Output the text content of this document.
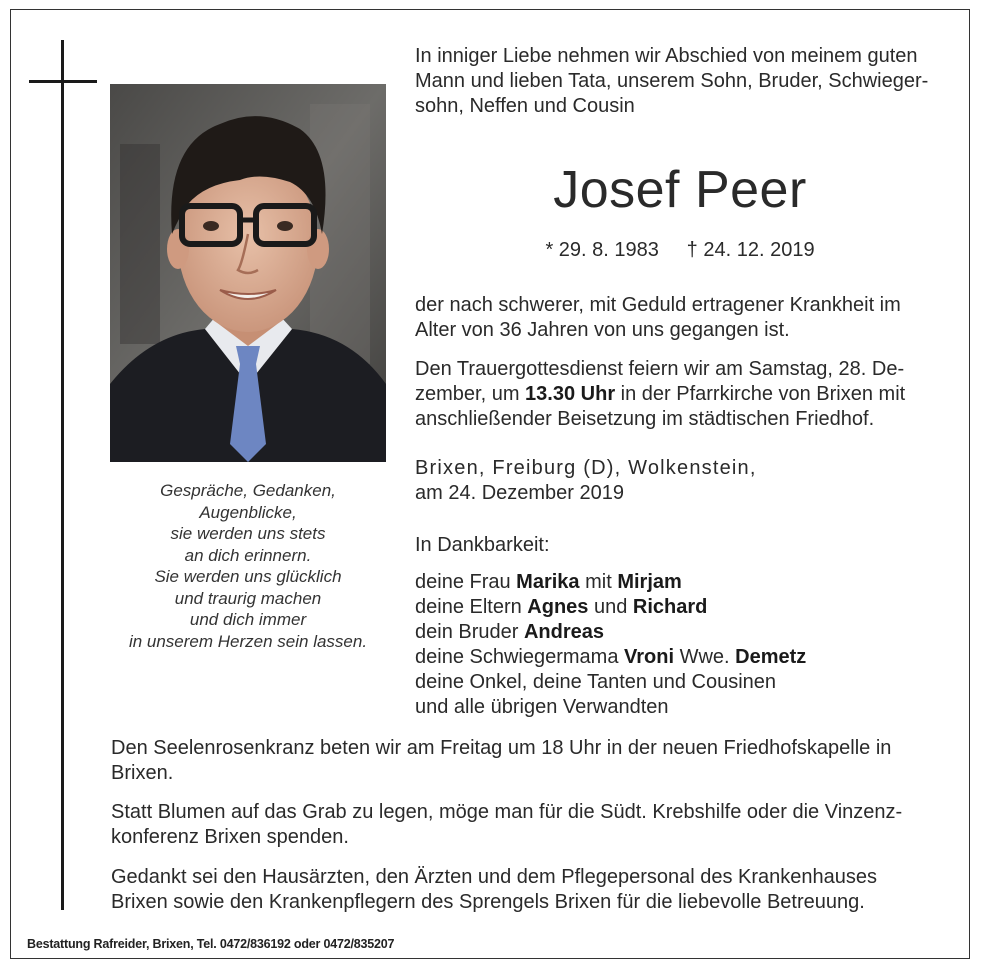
Gespräche, Gedanken,
Augenblicke,
sie werden uns stets
an dich erinnern.
Sie werden uns glücklich
und traurig machen
und dich immer
in unserem Herzen sein lassen.
In inniger Liebe nehmen wir Abschied von meinem guten
Mann und lieben Tata, unserem Sohn, Bruder, Schwieger-
sohn, Neffen und Cousin
Josef Peer
* 29. 8. 1983 † 24. 12. 2019
der nach schwerer, mit Geduld ertragener Krankheit im
Alter von 36 Jahren von uns gegangen ist.
Den Trauergottesdienst feiern wir am Samstag, 28. De-
zember, um 13.30 Uhr in der Pfarrkirche von Brixen mit
anschließender Beisetzung im städtischen Friedhof.
Brixen, Freiburg (D), Wolkenstein,
am 24. Dezember 2019
In Dankbarkeit:
deine Frau Marika mit Mirjam
deine Eltern Agnes und Richard
dein Bruder Andreas
deine Schwiegermama Vroni Wwe. Demetz
deine Onkel, deine Tanten und Cousinen
und alle übrigen Verwandten
Den Seelenrosenkranz beten wir am Freitag um 18 Uhr in der neuen Friedhofskapelle in
Brixen.
Statt Blumen auf das Grab zu legen, möge man für die Südt. Krebshilfe oder die Vinzenz-
konferenz Brixen spenden.
Gedankt sei den Hausärzten, den Ärzten und dem Pflegepersonal des Krankenhauses
Brixen sowie den Krankenpflegern des Sprengels Brixen für die liebevolle Betreuung.
Bestattung Rafreider, Brixen, Tel. 0472/836192 oder 0472/835207
